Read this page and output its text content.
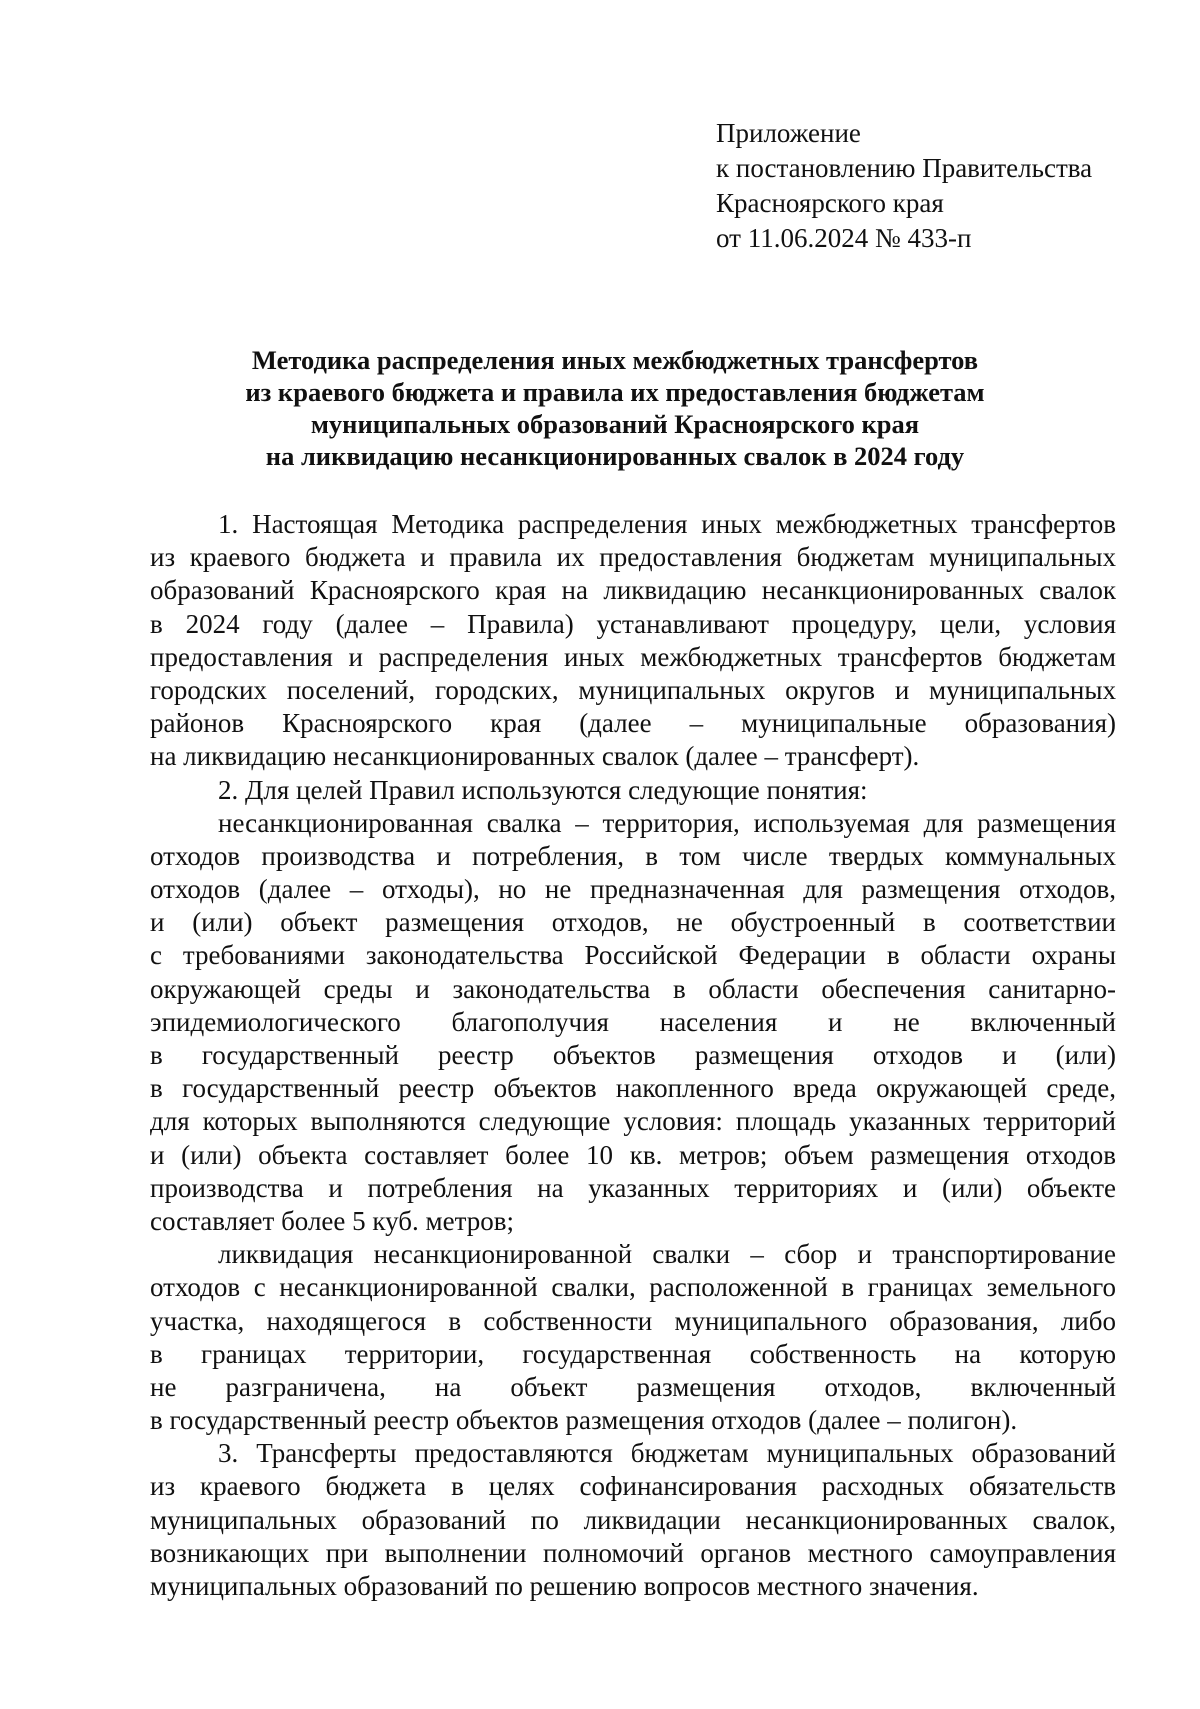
Приложение
к постановлению Правительства
Красноярского края
от 11.06.2024 № 433-п
Методика распределения иных межбюджетных трансфертов
из краевого бюджета и правила их предоставления бюджетам
муниципальных образований Красноярского края
на ликвидацию несанкционированных свалок в 2024 году
1. Настоящая Методика распределения иных межбюджетных трансфертов
из краевого бюджета и правила их предоставления бюджетам муниципальных
образований Красноярского края на ликвидацию несанкционированных свалок
в 2024 году (далее – Правила) устанавливают процедуру, цели, условия
предоставления и распределения иных межбюджетных трансфертов бюджетам
городских поселений, городских, муниципальных округов и муниципальных
районов Красноярского края (далее – муниципальные образования)
на ликвидацию несанкционированных свалок (далее – трансферт).
2. Для целей Правил используются следующие понятия:
несанкционированная свалка – территория, используемая для размещения
отходов производства и потребления, в том числе твердых коммунальных
отходов (далее – отходы), но не предназначенная для размещения отходов,
и (или) объект размещения отходов, не обустроенный в соответствии
с требованиями законодательства Российской Федерации в области охраны
окружающей среды и законодательства в области обеспечения санитарно-
эпидемиологического благополучия населения и не включенный
в государственный реестр объектов размещения отходов и (или)
в государственный реестр объектов накопленного вреда окружающей среде,
для которых выполняются следующие условия: площадь указанных территорий
и (или) объекта составляет более 10 кв. метров; объем размещения отходов
производства и потребления на указанных территориях и (или) объекте
составляет более 5 куб. метров;
ликвидация несанкционированной свалки – сбор и транспортирование
отходов с несанкционированной свалки, расположенной в границах земельного
участка, находящегося в собственности муниципального образования, либо
в границах территории, государственная собственность на которую
не разграничена, на объект размещения отходов, включенный
в государственный реестр объектов размещения отходов (далее – полигон).
3. Трансферты предоставляются бюджетам муниципальных образований
из краевого бюджета в целях софинансирования расходных обязательств
муниципальных образований по ликвидации несанкционированных свалок,
возникающих при выполнении полномочий органов местного самоуправления
муниципальных образований по решению вопросов местного значения.
